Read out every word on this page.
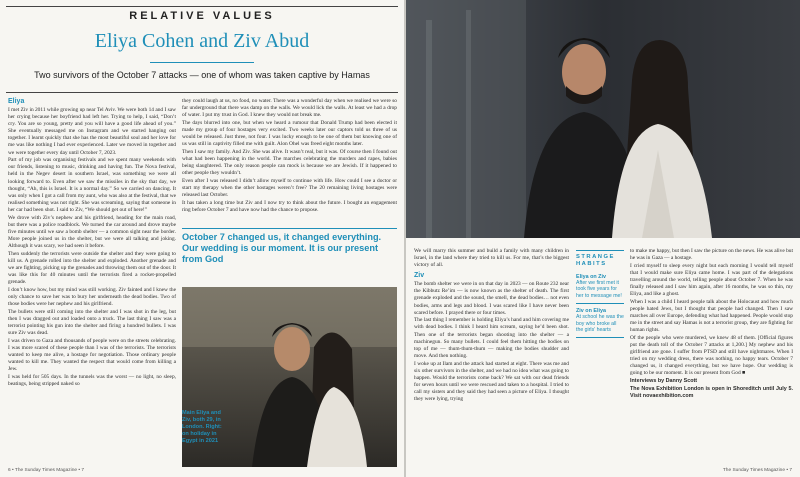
RELATIVE VALUES
Eliya Cohen and Ziv Abud
Two survivors of the October 7 attacks — one of whom was taken captive by Hamas
Eliya

I met Ziv in 2011 while growing up near Tel Aviv. We were both 14 and I saw her crying because her boyfriend had left her. Trying to help, I said, “Don’t cry. You are so young, pretty and you will have a good life ahead of you.” She eventually messaged me on Instagram and we started hanging out together. I learnt quickly that she has the most beautiful soul and her love for me was like nothing I had ever experienced. Later we moved in together and we were together every day until October 7, 2023.

Part of my job was organising festivals and we spent many weekends with our friends, listening to music, drinking and having fun. The Nova festival, held in the Negev desert in southern Israel, was something we were all looking forward to. Even after we saw the missiles in the sky that day, we thought, “Ah, this is Israel. It is a normal day.” So we carried on dancing. It was only when I got a call from my aunt, who was also at the festival, that we realised something was not right. She was screaming, saying that someone in her car had been shot. I said to Ziv, “We should get out of here!”

We drove with Ziv’s nephew and his girlfriend, heading for the main road, but there was a police roadblock. We turned the car around and drove maybe five minutes until we saw a bomb shelter — a common sight near the border. More people joined us in the shelter, but we were all talking and joking. Although it was scary, we had seen it before.

Then suddenly the terrorists were outside the shelter and they were going to kill us. A grenade rolled into the shelter and exploded. Another grenade and we are fighting, picking up the grenades and throwing them out of the door. It was like this for 40 minutes until the terrorists fired a rocket-propelled grenade.

I don’t know how, but my mind was still working. Ziv fainted and I knew the only chance to save her was to bury her underneath the dead bodies. Two of those bodies were her nephew and his girlfriend.

The bullets were still coming into the shelter and I was shot in the leg, but then I was dragged out and loaded onto a truck. The last thing I saw was a terrorist pointing his gun into the shelter and firing a hundred bullets. I was sure Ziv was dead.

I was driven to Gaza and thousands of people were on the streets celebrating. I was more scared of these people than I was of the terrorists. The terrorists wanted to keep me alive, a hostage for negotiation. Those ordinary people wanted to kill me. They wanted the respect that would come from killing a Jew.

I was held for 505 days. In the tunnels was the worst — no light, no sleep, beatings, being stripped naked so

they could laugh at us, no food, no water. There was a wonderful day when we realised we were so far underground that there was damp on the walls. We would lick the walls. At least we had a drop of water. I put my trust in God. I knew they would not break me.

The days blurred into one, but when we heard a rumour that Donald Trump had been elected it made my group of four hostages very excited. Two weeks later our captors told us three of us would be released. Just three, not four. I was lucky enough to be one of them but knowing one of us was still in captivity filled me with guilt. Alon Ohel was freed eight months later.

Then I saw my family. And Ziv. She was alive. It wasn’t real, but it was. Of course then I found out what had been happening in the world. The marches celebrating the murders and rapes, babies being slaughtered. The only reason people can mock is because we are Jewish. If it happened to other people they wouldn’t.

Even after I was released I didn’t allow myself to continue with life. How could I see a doctor or start my therapy when the other hostages weren’t free? The 20 remaining living hostages were released last October.

It has taken a long time but Ziv and I now try to think about the future. I bought an engagement ring before October 7 and have now had the chance to propose.

October 7 changed us, it changed everything. Our wedding is our moment. It is our present from God
Main Eliya and Ziv, both 29, in London. Right: on holiday in Egypt in 2021
6 • The Sunday Times Magazine • 7

We will marry this summer and build a family with many children in Israel, in the land where they tried to kill us. For me, that’s the biggest victory of all.

Ziv

The bomb shelter we were in on that day in 2023 — on Route 232 near the Kibbutz Re’im — is now known as the shelter of death. The first grenade exploded and the sound, the smell, the dead bodies… not even bodies, arms and legs and blood. I was scared like I have never been scared before. I prayed there or four times.

The last thing I remember is holding Eliya’s hand and him covering me with dead bodies. I think I heard him scream, saying he’d been shot. Then one of the terrorists began shooting into the shelter — a machinegun. So many bullets. I could feel them hitting the bodies on top of me — thum-thum-thum — making the bodies shudder and move. And then nothing.

I woke up at Ilam and the attack had started at eight. There was me and six other survivors in the shelter, and we had no idea what was going to happen. Would the terrorists come back? We sat with our dead friends for seven hours until we were rescued and taken to a hospital. I tried to call my sisters and they said they had seen a picture of Eliya. I thought they were lying, trying

STRANGE HABITS
Eliya on Ziv
After we first met it took five years for her to message me!
Ziv on Eliya
At school he was the boy who broke all the girls’ hearts

to make me happy, but then I saw the picture on the news. He was alive but he was in Gaza — a hostage.

I cried myself to sleep every night but each morning I would tell myself that I would make sure Eliya came home. I was part of the delegations travelling around the world, telling people about October 7. When he was finally released and I saw him again, after 16 months, he was so thin, my Eliya, and like a ghost.

When I was a child I heard people talk about the Holocaust and how much people hated Jews, but I thought that people had changed. Then I saw marches all over Europe, defending what had happened. People would stop me in the street and say Hamas is not a terrorist group, they are fighting for human rights.

Of the people who were murdered, we knew 48 of them. [Official figures put the death toll of the October 7 attacks at 1,200.] My nephew and his girlfriend are gone. I suffer from PTSD and still have nightmares. When I tried on my wedding dress, there was nothing, no happy tears. October 7 changed us, it changed everything, but we have hope. Our wedding is going to be our moment. It is our present from God ■

Interviews by Danny Scott

The Nova Exhibition London is open in Shoreditch until July 5. Visit novaexhibition.com

The Sunday Times Magazine • 7
